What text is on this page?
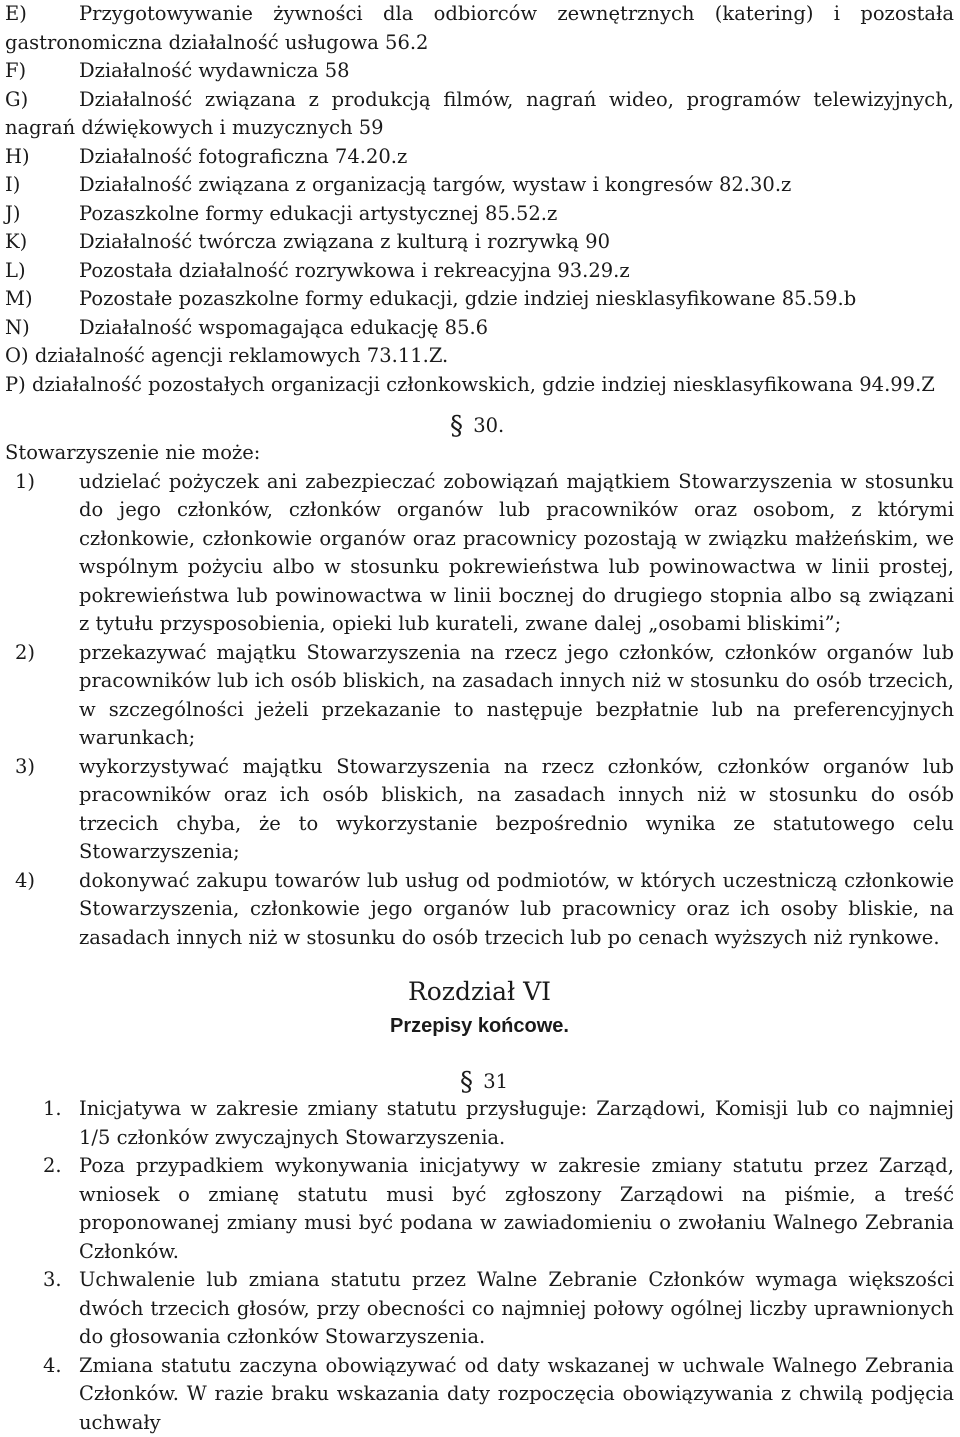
E)	Przygotowywanie żywności dla odbiorców zewnętrznych (katering) i pozostała
gastronomiczna działalność usługowa 56.2
F)	Działalność wydawnicza 58
G)	Działalność związana z produkcją filmów, nagrań wideo, programów telewizyjnych,
nagrań dźwiękowych i muzycznych 59
H)	Działalność fotograficzna 74.20.z
I)	Działalność związana z organizacją targów, wystaw i kongresów 82.30.z
J)	Pozaszkolne formy edukacji artystycznej 85.52.z
K)	Działalność twórcza związana z kulturą i rozrywką 90
L)	Pozostała działalność rozrywkowa i rekreacyjna 93.29.z
M)	Pozostałe pozaszkolne formy edukacji, gdzie indziej niesklasyfikowane 85.59.b
N)	Działalność wspomagająca edukację 85.6
O) działalność agencji reklamowych 73.11.Z.
P) działalność pozostałych organizacji członkowskich, gdzie indziej niesklasyfikowana 94.99.Z
§ 30.
Stowarzyszenie nie może:
1)	udzielać pożyczek ani zabezpieczać zobowiązań majątkiem Stowarzyszenia w stosunku do jego członków, członków organów lub pracowników oraz osobom, z którymi członkowie, członkowie organów oraz pracownicy pozostają w związku małżeńskim, we wspólnym pożyciu albo w stosunku pokrewieństwa lub powinowactwa w linii prostej, pokrewieństwa lub powinowactwa w linii bocznej do drugiego stopnia albo są związani z tytułu przysposobienia, opieki lub kurateli, zwane dalej „osobami bliskimi”;
2)	przekazywać majątku Stowarzyszenia na rzecz jego członków, członków organów lub pracowników lub ich osób bliskich, na zasadach innych niż w stosunku do osób trzecich, w szczególności jeżeli przekazanie to następuje bezpłatnie lub na preferencyjnych warunkach;
3)	wykorzystywać majątku Stowarzyszenia na rzecz członków, członków organów lub pracowników oraz ich osób bliskich, na zasadach innych niż w stosunku do osób trzecich chyba, że to wykorzystanie bezpośrednio wynika ze statutowego celu Stowarzyszenia;
4)	dokonywać zakupu towarów lub usług od podmiotów, w których uczestniczą członkowie Stowarzyszenia, członkowie jego organów lub pracownicy oraz ich osoby bliskie, na zasadach innych niż w stosunku do osób trzecich lub po cenach wyższych niż rynkowe.
Rozdział VI
Przepisy końcowe.
§ 31
1. Inicjatywa w zakresie zmiany statutu przysługuje: Zarządowi, Komisji lub co najmniej 1/5 członków zwyczajnych Stowarzyszenia.
2. Poza przypadkiem wykonywania inicjatywy w zakresie zmiany statutu przez Zarząd, wniosek o zmianę statutu musi być zgłoszony Zarządowi na piśmie, a treść proponowanej zmiany musi być podana w zawiadomieniu o zwołaniu Walnego Zebrania Członków.
3. Uchwalenie lub zmiana statutu przez Walne Zebranie Członków wymaga większości dwóch trzecich głosów, przy obecności co najmniej połowy ogólnej liczby uprawnionych do głosowania członków Stowarzyszenia.
4. Zmiana statutu zaczyna obowiązywać od daty wskazanej w uchwale Walnego Zebrania Członków. W razie braku wskazania daty rozpoczęcia obowiązywania z chwilą podjęcia uchwały
